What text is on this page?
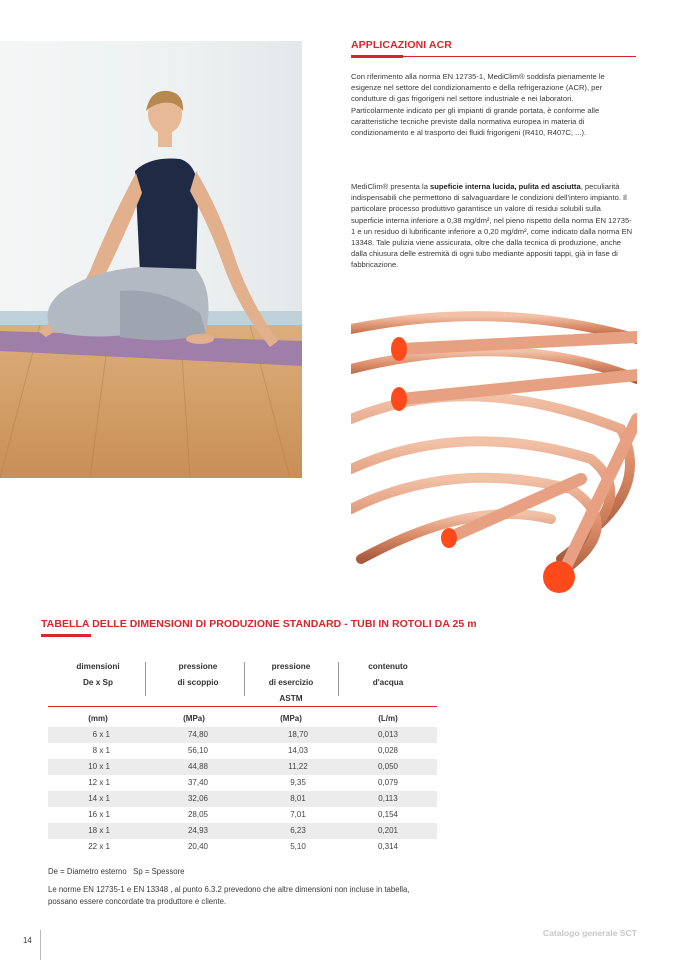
APPLICAZIONI ACR
Con riferimento alla norma EN 12735-1, MediClim® soddisfa pienamente le esigenze nel settore del condizionamento e della refrigerazione (ACR), per condutture di gas frigorigeni nel settore industriale e nei laboratori.
Particolarmente indicato per gli impianti di grande portata, è conforme alle caratteristiche tecniche previste dalla normativa europea in materia di condizionamento e al trasporto dei fluidi frigorigeni (R410, R407C, ...).
MediClim® presenta la supeficie interna lucida, pulita ed asciutta, peculiarità indispensabili che permettono di salvaguardare le condizioni dell'intero impianto. Il particolare processo produttivo garantisce un valore di residui solubili sulla superficie interna inferiore a 0,38 mg/dm², nel pieno rispetto della norma EN 12735-1 e un residuo di lubrificante inferiore a 0,20 mg/dm², come indicato dalla norma EN 13348. Tale pulizia viene assicurata, oltre che dalla tecnica di produzione, anche dalla chiusura delle estremità di ogni tubo mediante appositi tappi, già in fase di fabbricazione.
TABELLA DELLE DIMENSIONI DI PRODUZIONE STANDARD - TUBI IN ROTOLI DA 25 m
dimensioni
De x Sp
pressione
di scoppio
pressione
di esercizio
ASTM
contenuto
d'acqua
(mm)	(MPa)	(MPa)	(L/m)
6 x 1	74,80	18,70	0,013
8 x 1	56,10	14,03	0,028
10 x 1	44,88	11,22	0,050
12 x 1	37,40	9,35	0,079
14 x 1	32,06	8,01	0,113
16 x 1	28,05	7,01	0,154
18 x 1	24,93	6,23	0,201
22 x 1	20,40	5,10	0,314
De = Diametro esterno   Sp = Spessore
Le norme EN 12735-1 e EN 13348 , al punto 6.3.2 prevedono che altre dimensioni non incluse in tabella, possano essere concordate tra produttore e cliente.
Catalogo generale SCT
14
